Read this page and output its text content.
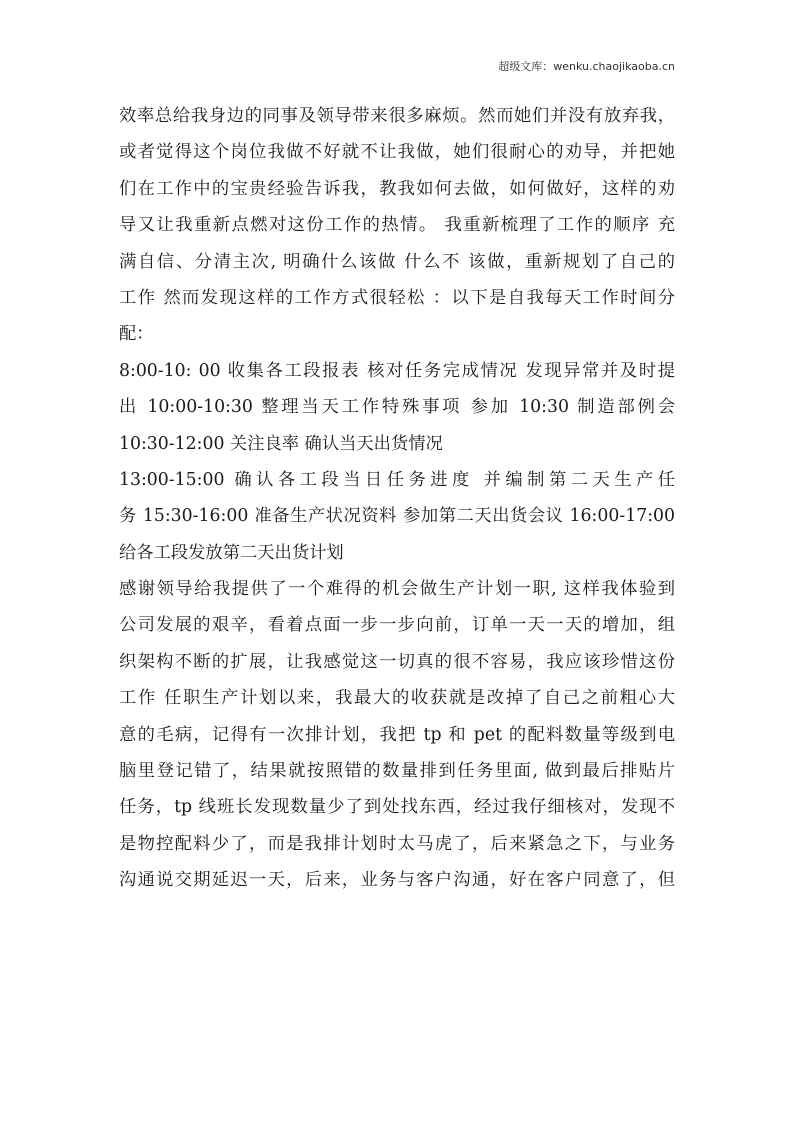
超级文库：wenku.chaojikaoba.cn
效率总给我身边的同事及领导带来很多麻烦。然而她们并没有放弃我，
或者觉得这个岗位我做不好就不让我做，她们很耐心的劝导，并把她
们在工作中的宝贵经验告诉我，教我如何去做，如何做好，这样的劝
导又让我重新点燃对这份工作的热情。 我重新梳理了工作的顺序 充
满自信、分清主次, 明确什么该做 什么不 该做，重新规划了自己的
工作 然而发现这样的工作方式很轻松 ：以下是自我每天工作时间分
配：
8:00-10: 00 收集各工段报表 核对任务完成情况 发现异常并及时提
出 10:00-10:30 整理当天工作特殊事项 参加 10:30 制造部例会
10:30-12:00 关注良率 确认当天出货情况
13:00-15:00 确认各工段当日任务进度 并编制第二天生产任
务 15:30-16:00 准备生产状况资料 参加第二天出货会议 16:00-17:00
给各工段发放第二天出货计划
感谢领导给我提供了一个难得的机会做生产计划一职, 这样我体验到
公司发展的艰辛，看着点面一步一步向前，订单一天一天的增加，组
织架构不断的扩展，让我感觉这一切真的很不容易，我应该珍惜这份
工作 任职生产计划以来，我最大的收获就是改掉了自己之前粗心大
意的毛病，记得有一次排计划，我把 tp 和 pet 的配料数量等级到电
脑里登记错了，结果就按照错的数量排到任务里面, 做到最后排贴片
任务，tp 线班长发现数量少了到处找东西，经过我仔细核对，发现不
是物控配料少了，而是我排计划时太马虎了，后来紧急之下，与业务
沟通说交期延迟一天，后来，业务与客户沟通，好在客户同意了，但
